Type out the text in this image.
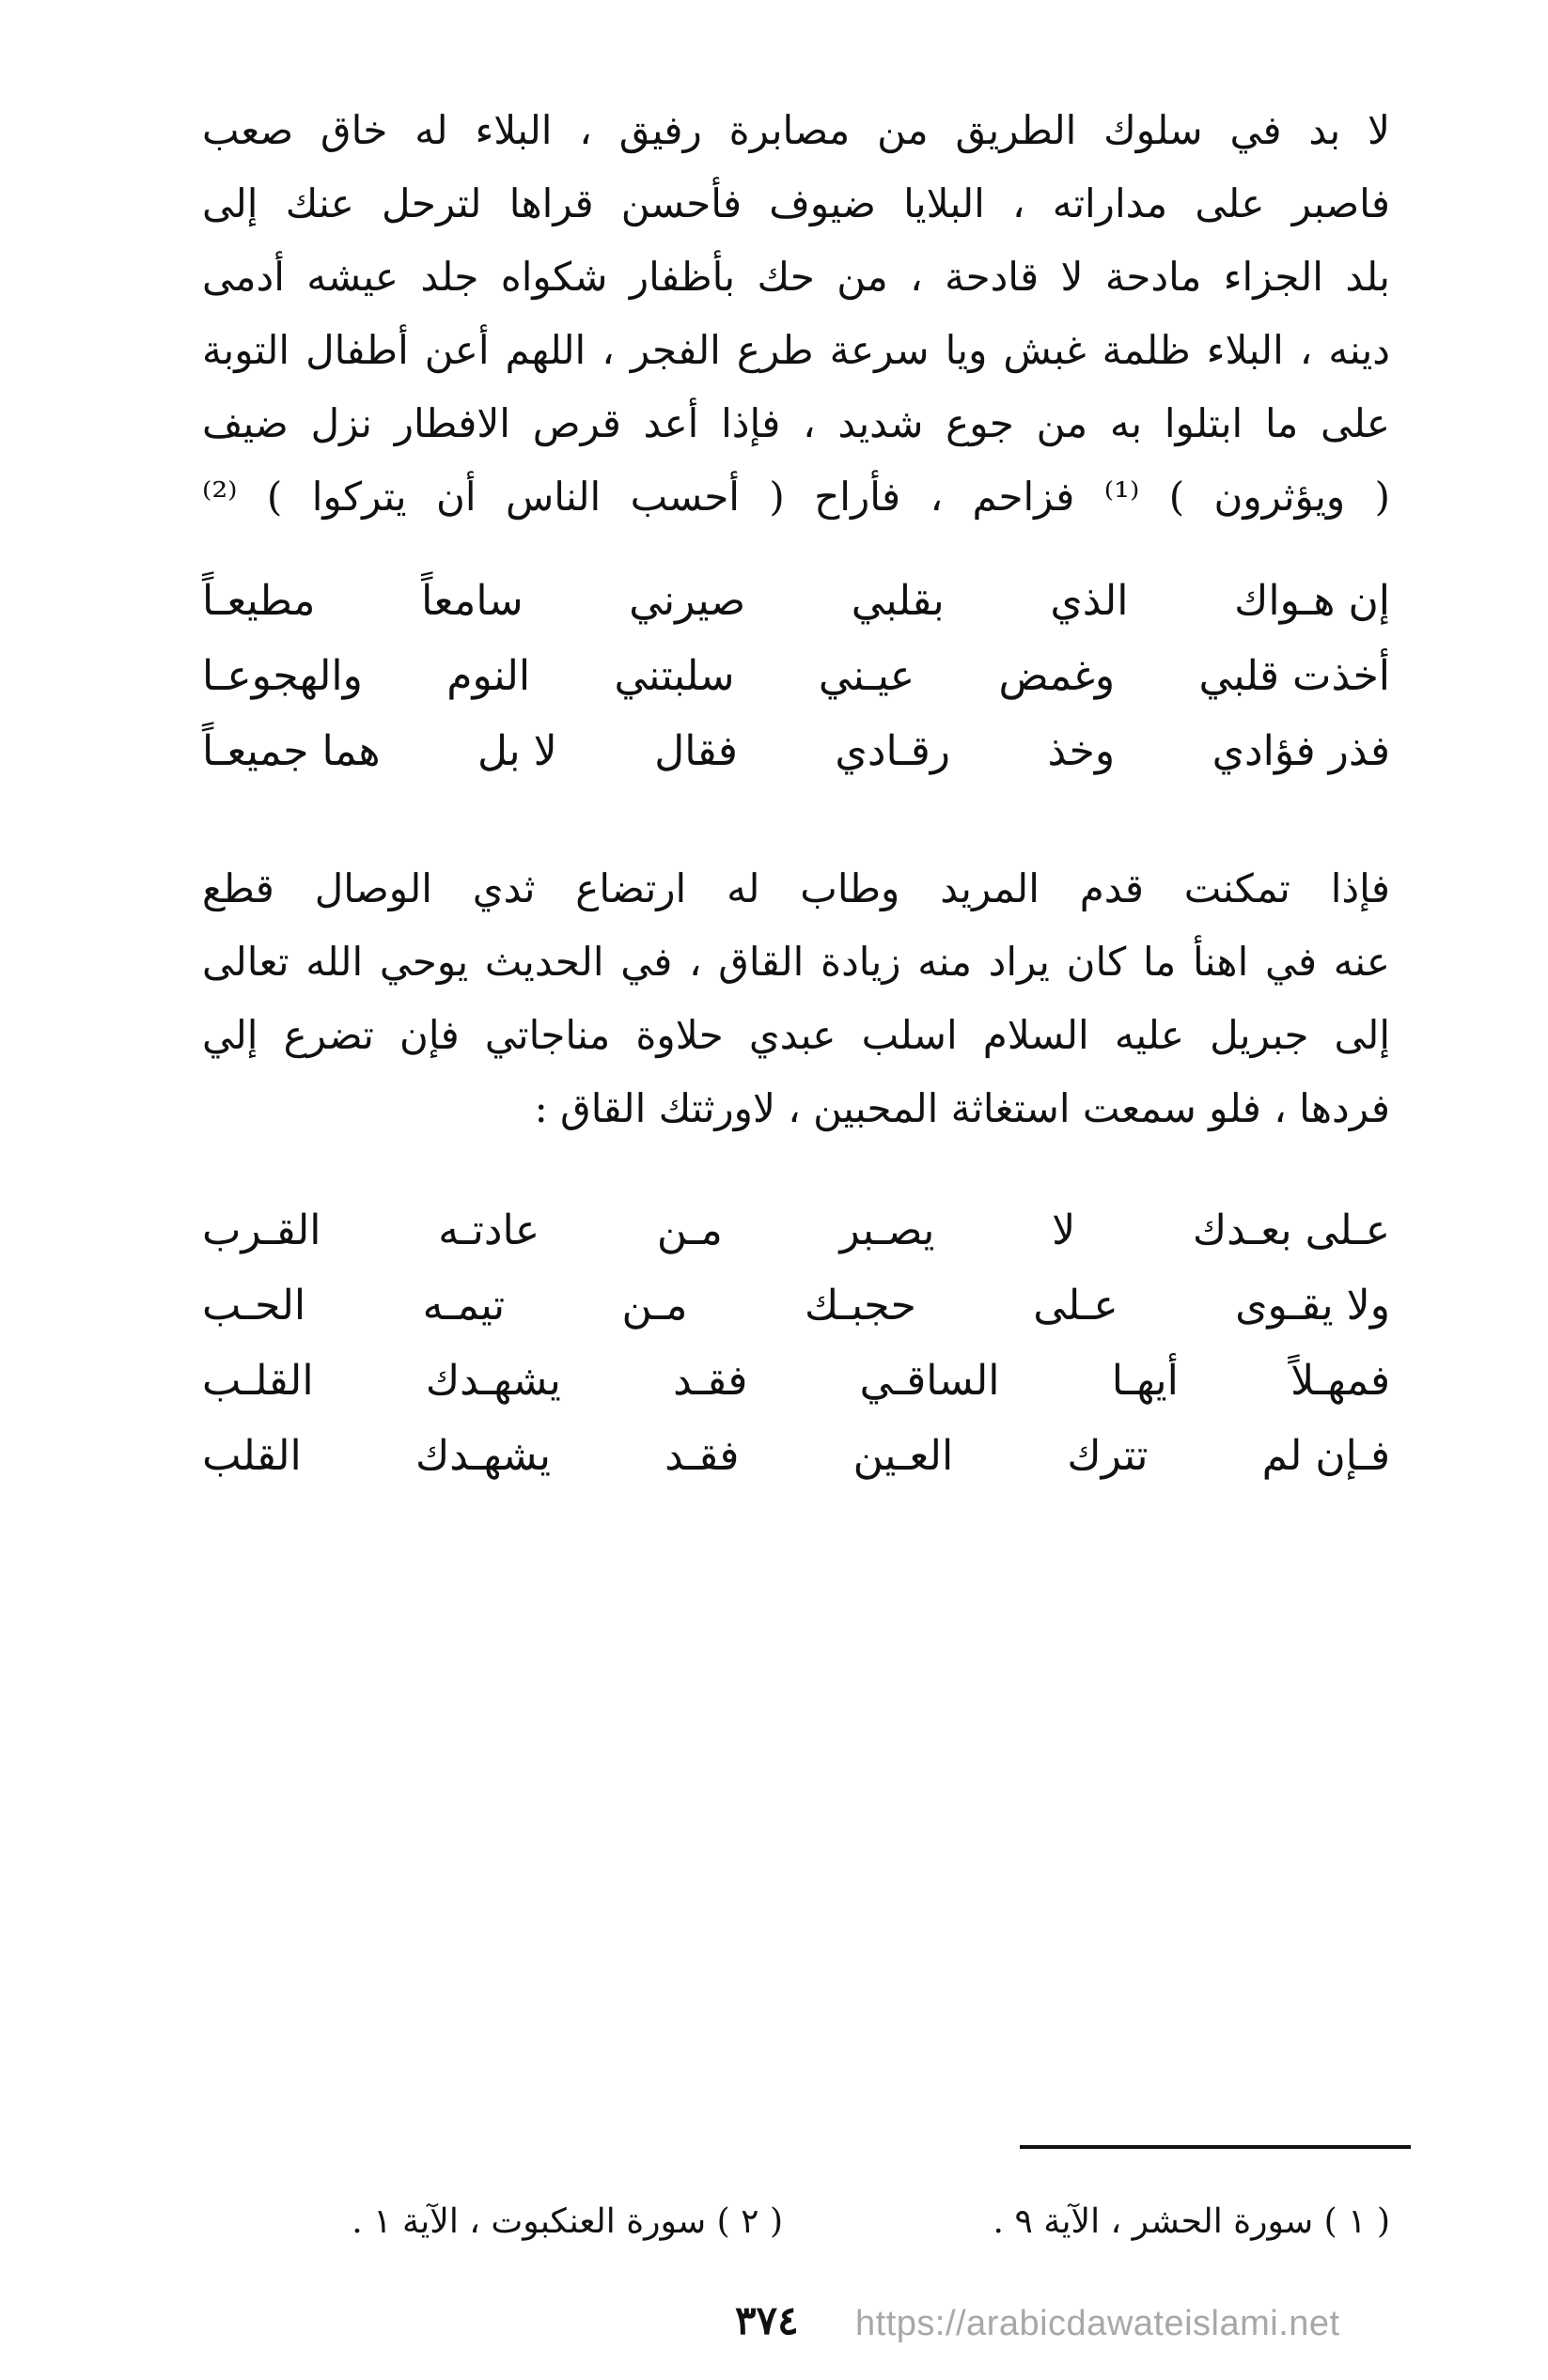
لا بد في سلوك الطريق من مصابرة رفيق ، البلاء له خاق صعب
فاصبر على مداراته ، البلايا ضيوف فأحسن قراها لترحل عنك إلى
بلد الجزاء مادحة لا قادحة ، من حك بأظفار شكواه جلد عيشه أدمى
دينه ، البلاء ظلمة غبش ويا سرعة طرع الفجر ، اللهم أعن أطفال التوبة
على ما ابتلوا به من جوع شديد ، فإذا أعد قرص الافطار نزل ضيف
( ويؤثرون ) ⁽¹⁾ فزاحم ، فأراح ( أحسب الناس أن يتركوا ) ⁽²⁾
إن هـواك
الذي
بقلبي
صيرني
سامعاً
مطيعـاً
أخذت قلبي
وغمض
عيـني
سلبتني
النوم
والهجوعـا
فذر فؤادي
وخذ
رقـادي
فقال
لا بل
هما جميعـاً
فإذا تمكنت قدم المريد وطاب له ارتضاع ثدي الوصال قطع
عنه في اهنأ ما كان يراد منه زيادة القاق ، في الحديث يوحي الله تعالى
إلى جبريل عليه السلام اسلب عبدي حلاوة مناجاتي فإن تضرع إلي
فردها ، فلو سمعت استغاثة المحبين ، لاورثتك القاق :
عـلى بعـدك
لا
يصـبر
مـن
عادتـه
القـرب
ولا يقـوى
عـلى
حجبـك
مـن
تيمـه
الحـب
فمهـلاً
أيهـا
الساقـي
فقـد
يشهـدك
القلـب
فـإن لم
تترك
العـين
فقـد
يشهـدك
القلب
( ١ ) سورة الحشر ، الآية ٩ .
( ٢ ) سورة العنكبوت ، الآية ١ .
٣٧٤ https://arabicdawateislami.net
